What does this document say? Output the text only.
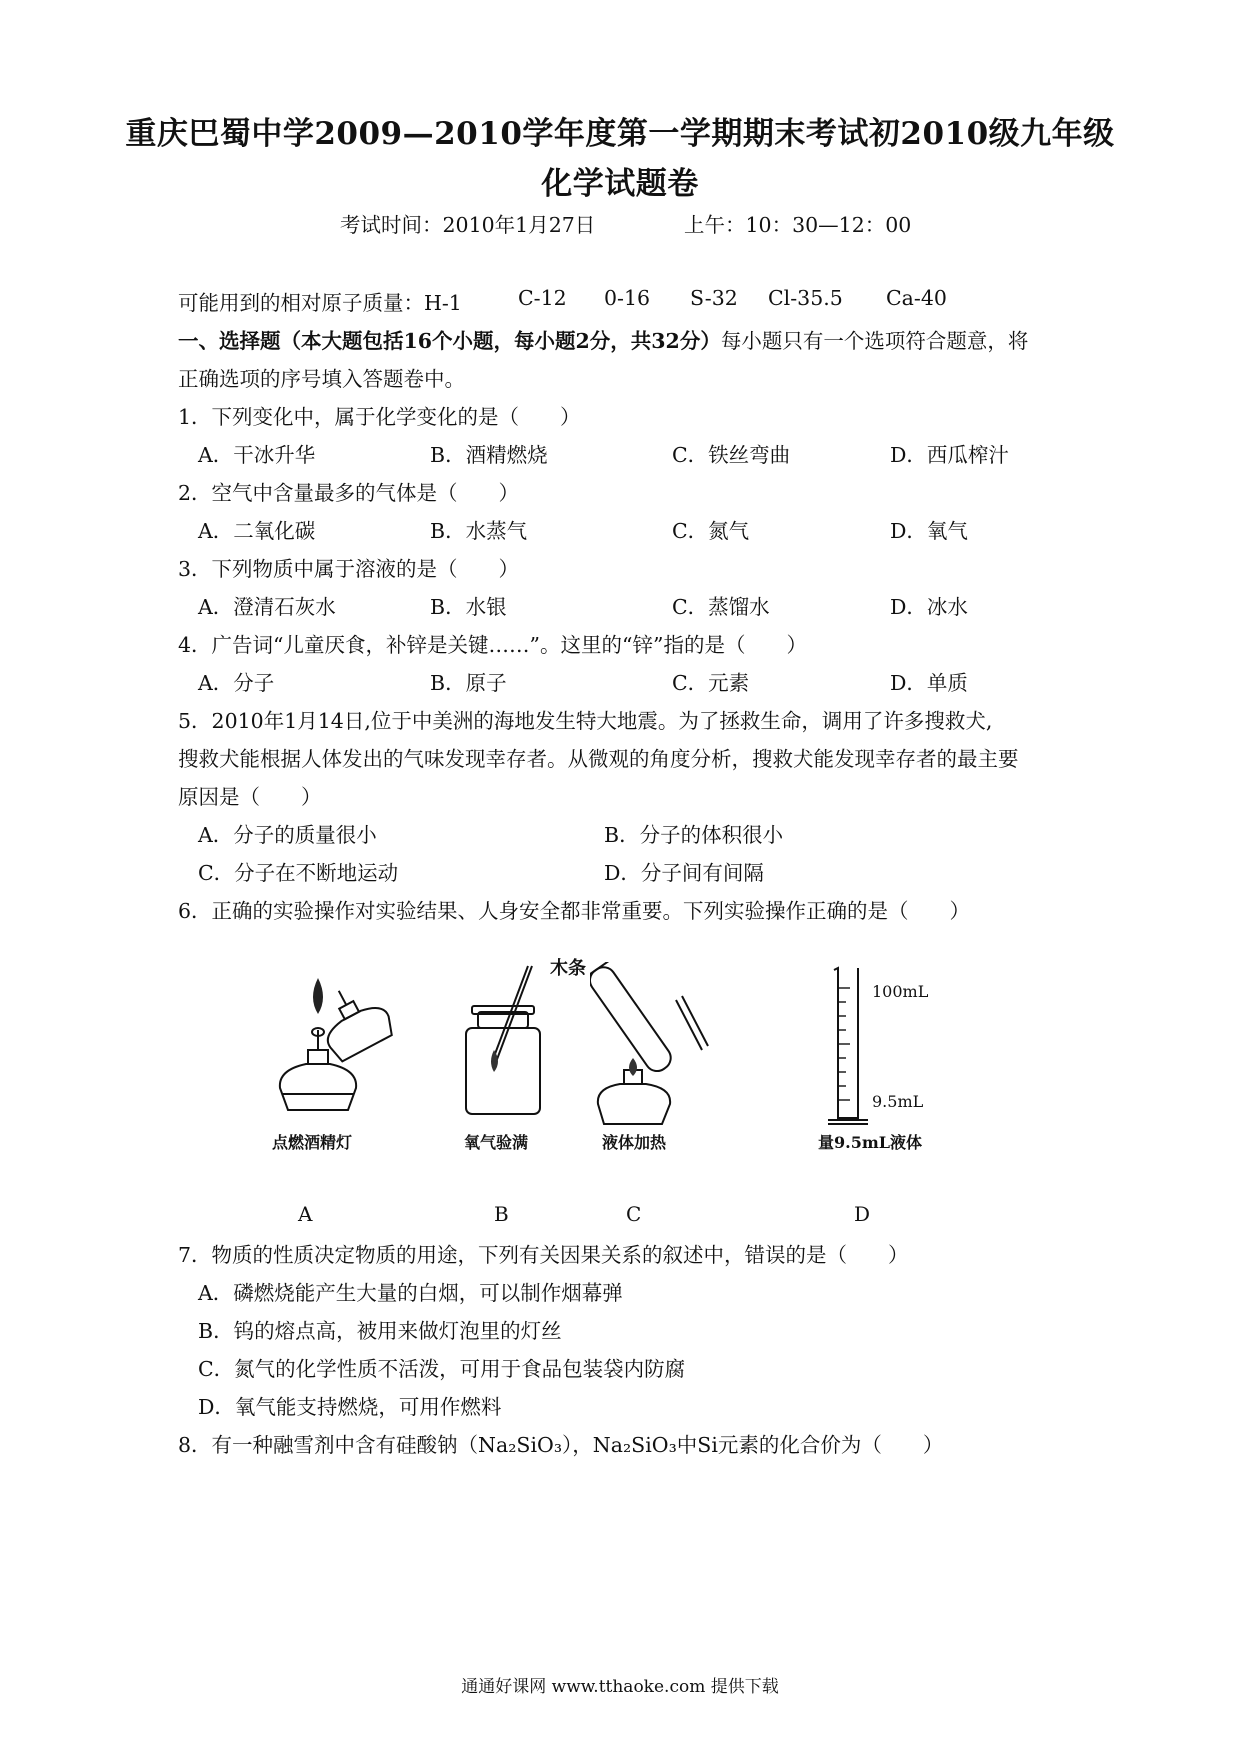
重庆巴蜀中学2009—2010学年度第一学期期末考试初2010级九年级
化学试题卷
考试时间：2010年1月27日	上午：10：30—12：00
可能用到的相对原子质量：H-1	C-12 0-16 S-32 Cl-35.5 Ca-40
一、选择题（本大题包括16个小题，每小题2分，共32分）每小题只有一个选项符合题意，将
正确选项的序号填入答题卷中。
1．下列变化中，属于化学变化的是（　　）
A．干冰升华	B．酒精燃烧	C．铁丝弯曲	D．西瓜榨汁
2．空气中含量最多的气体是（　　）
A．二氧化碳	B．水蒸气	C．氮气	D．氧气
3．下列物质中属于溶液的是（　　）
A．澄清石灰水	B．水银	C．蒸馏水	D．冰水
4．广告词“儿童厌食，补锌是关键……”。这里的“锌”指的是（　　）
A．分子	B．原子	C．元素	D．单质
5．2010年1月14日,位于中美洲的海地发生特大地震。为了拯救生命，调用了许多搜救犬,
搜救犬能根据人体发出的气味发现幸存者。从微观的角度分析，搜救犬能发现幸存者的最主要
原因是（　　）
A．分子的质量很小	B．分子的体积很小
C．分子在不断地运动	D．分子间有间隔
6．正确的实验操作对实验结果、人身安全都非常重要。下列实验操作正确的是（　　）
木条
100mL
9.5mL
点燃酒精灯	氧气验满	液体加热	量9.5mL液体
A	B	C	D
7．物质的性质决定物质的用途，下列有关因果关系的叙述中，错误的是（　　）
A．磷燃烧能产生大量的白烟，可以制作烟幕弹
B．钨的熔点高，被用来做灯泡里的灯丝
C．氮气的化学性质不活泼，可用于食品包装袋内防腐
D．氧气能支持燃烧，可用作燃料
8．有一种融雪剂中含有硅酸钠（Na₂SiO₃），Na₂SiO₃中Si元素的化合价为（　　）
通通好课网 www.tthaoke.com 提供下载
